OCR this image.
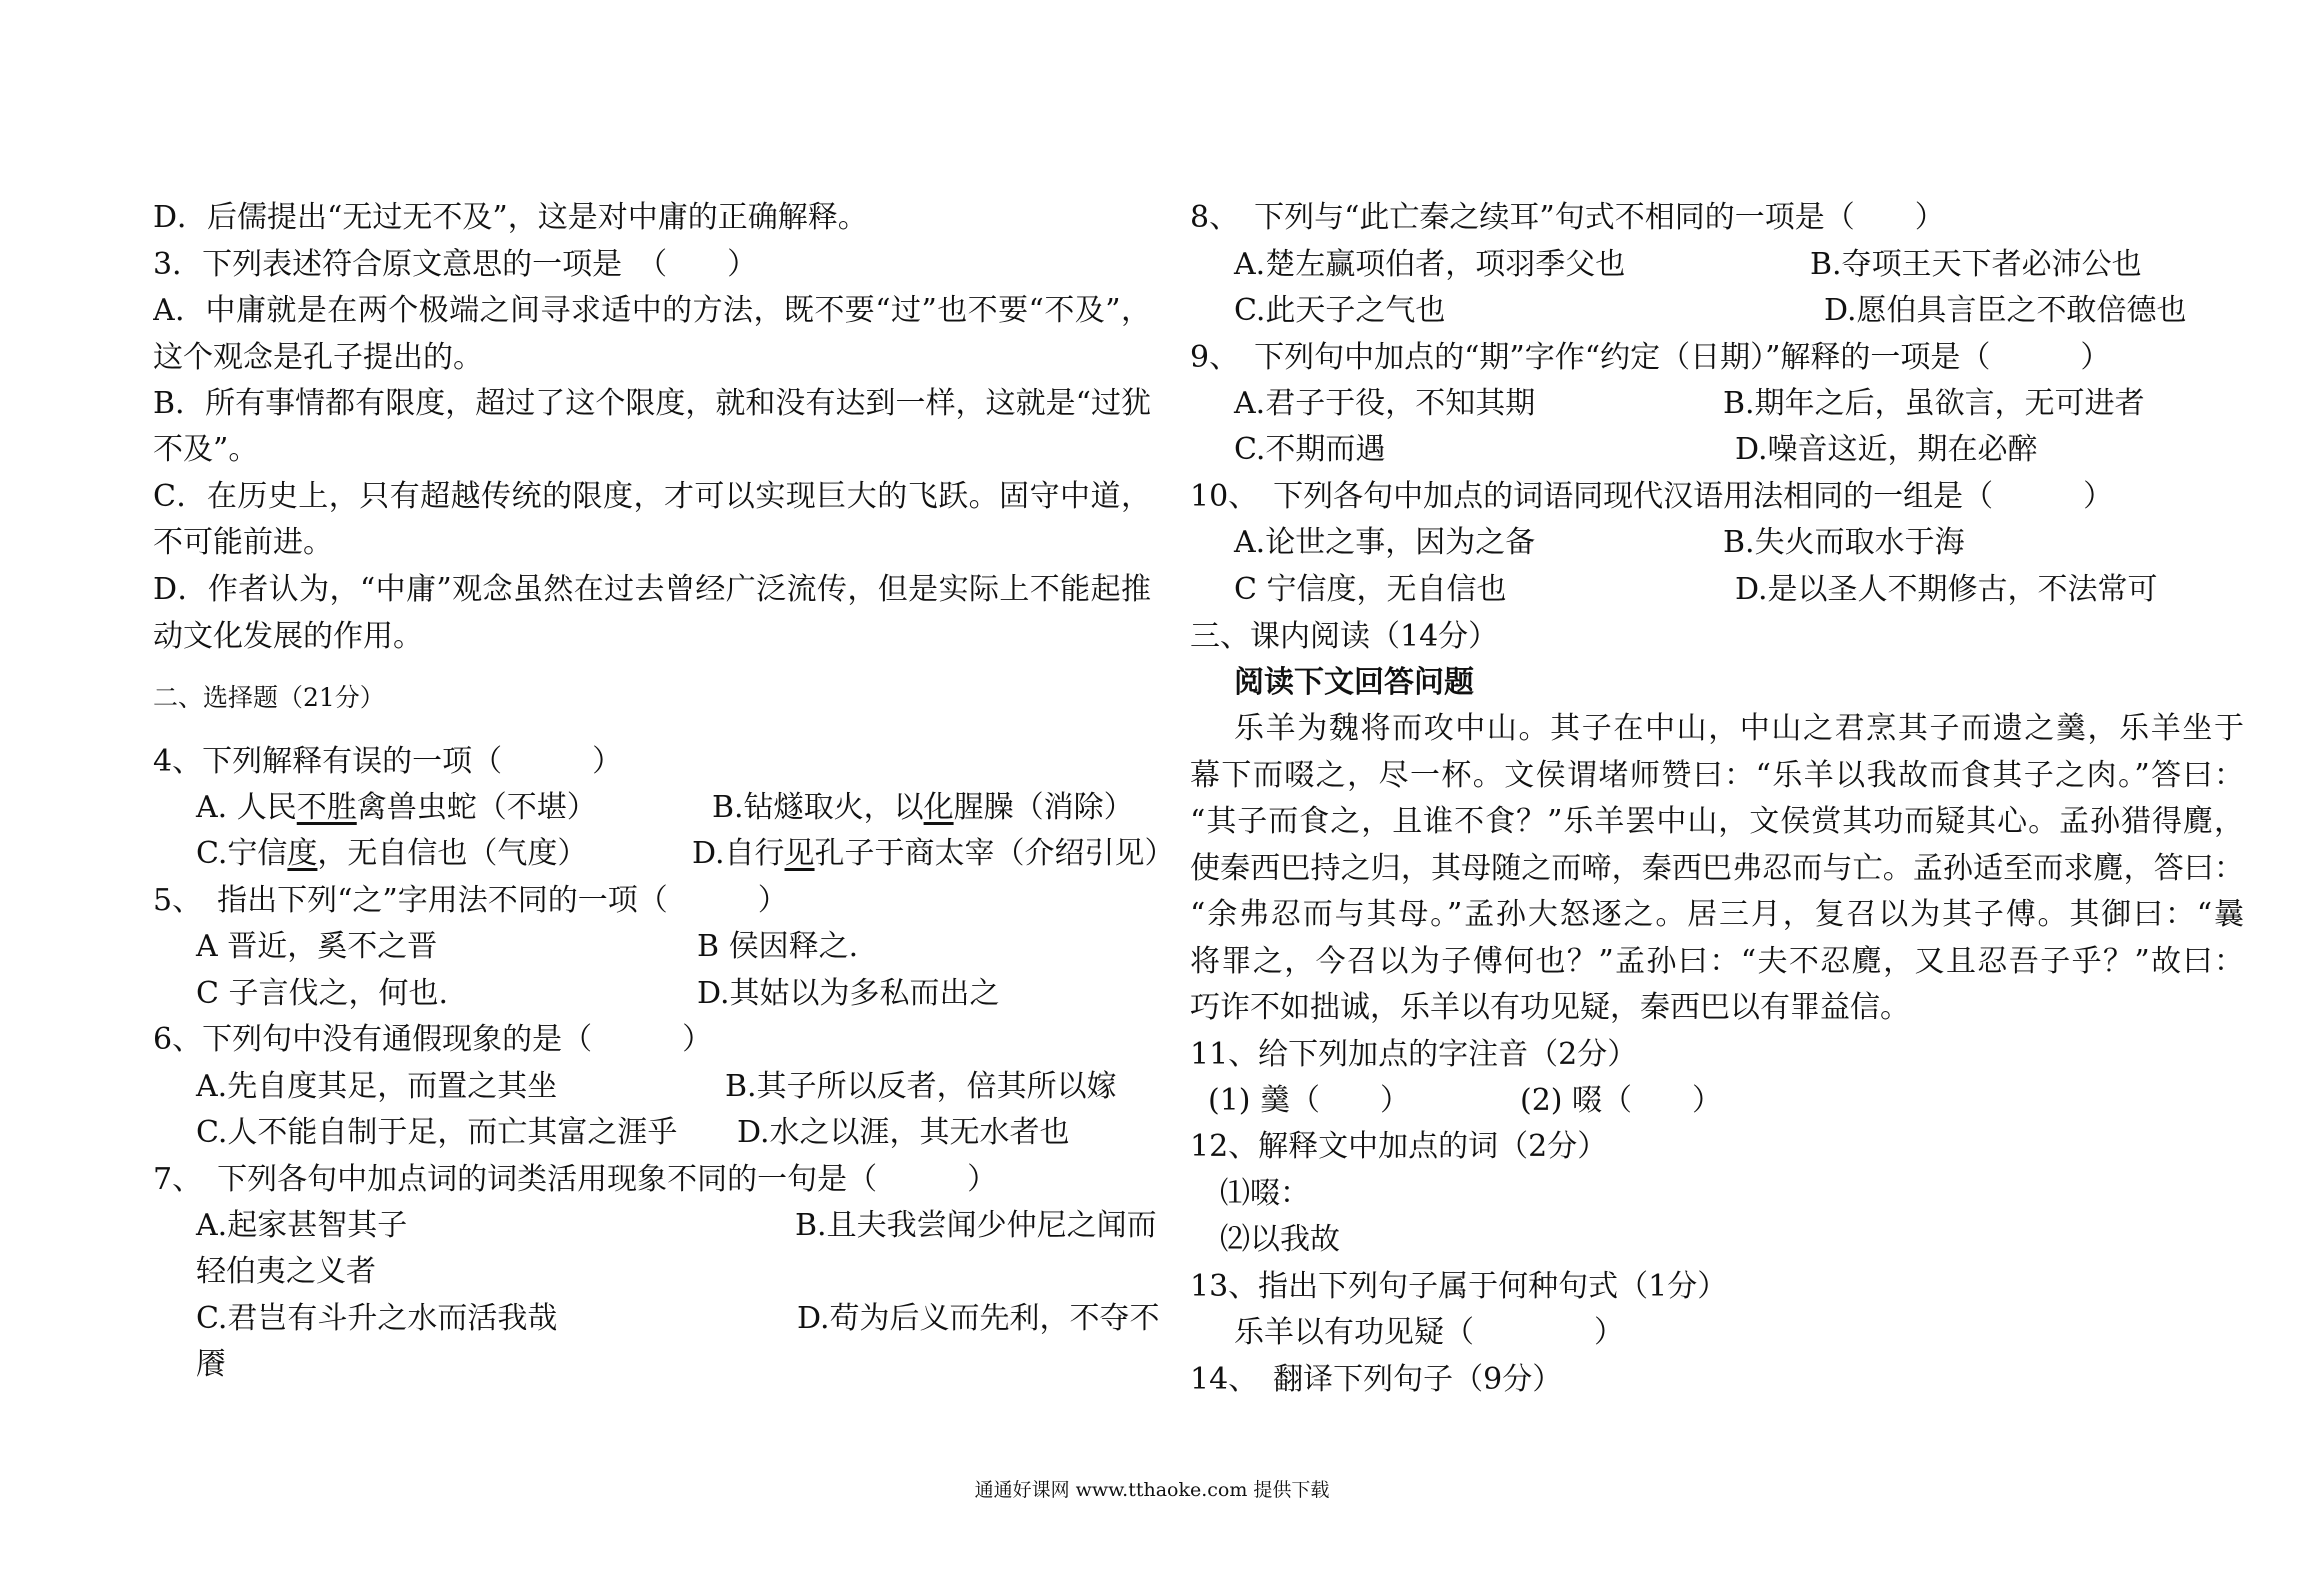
D．后儒提出“无过无不及”，这是对中庸的正确解释。
3．下列表述符合原文意思的一项是　（　　）
A．中庸就是在两个极端之间寻求适中的方法，既不要“过”也不要“不及”，
这个观念是孔子提出的。
B．所有事情都有限度，超过了这个限度，就和没有达到一样，这就是“过犹
不及”。
C．在历史上，只有超越传统的限度，才可以实现巨大的飞跃。固守中道，
不可能前进。
D．作者认为，“中庸”观念虽然在过去曾经广泛流传，但是实际上不能起推
动文化发展的作用。
二、选择题（21分）
4、下列解释有误的一项（　　　）
A. 人民不胜禽兽虫蛇（不堪）	B.钻燧取火，以化腥臊（消除）
C.宁信度，无自信也（气度）	D.自行见孔子于商太宰（介绍引见）
5、　指出下列“之”字用法不同的一项（　　　）
A 晋近，奚不之晋	B 侯因释之.
C 子言伐之，何也.	D.其姑以为多私而出之
6、下列句中没有通假现象的是（　　　）
A.先自度其足，而置之其坐	B.其子所以反者，倍其所以嫁
C.人不能自制于足，而亡其富之涯乎 D.水之以涯，其无水者也
7、　下列各句中加点词的词类活用现象不同的一句是（　　　）
A.起家甚智其子	B.且夫我尝闻少仲尼之闻而
轻伯夷之义者
C.君岂有斗升之水而活我哉	D.苟为后义而先利，不夺不
餍
8、　下列与“此亡秦之续耳”句式不相同的一项是（　　）
A.楚左赢项伯者，项羽季父也	B.夺项王天下者必沛公也
C.此天子之气也	D.愿伯具言臣之不敢倍德也
9、　下列句中加点的“期”字作“约定（日期）”解释的一项是（　　　）
A.君子于役，不知其期	B.期年之后，虽欲言，无可进者
C.不期而遇	D.噪音这近，期在必醉
10、　下列各句中加点的词语同现代汉语用法相同的一组是（　　　）
A.论世之事，因为之备	B.失火而取水于海
C 宁信度，无自信也	D.是以圣人不期修古，不法常可
三、课内阅读（14分）
阅读下文回答问题
乐羊为魏将而攻中山。其子在中山，中山之君烹其子而遗之羹，乐羊坐于
幕下而啜之，尽一杯。文侯谓堵师赞曰：“乐羊以我故而食其子之肉。”答曰：
“其子而食之，且谁不食？”乐羊罢中山，文侯赏其功而疑其心。孟孙猎得麑，
使秦西巴持之归，其母随之而啼，秦西巴弗忍而与亡。孟孙适至而求麑，答曰：
“余弗忍而与其母。”孟孙大怒逐之。居三月，复召以为其子傅。其御曰：“曩
将罪之，今召以为子傅何也？”孟孙曰：“夫不忍麑，又且忍吾子乎？”故曰：
巧诈不如拙诚，乐羊以有功见疑，秦西巴以有罪益信。
11、给下列加点的字注音（2分）
(1) 羹（　　）	(2) 啜（　　）
12、解释文中加点的词（2分）
⑴啜：
⑵以我故
13、指出下列句子属于何种句式（1分）
乐羊以有功见疑（　　　　）
14、　翻译下列句子（9分）
通通好课网 www.tthaoke.com 提供下载
